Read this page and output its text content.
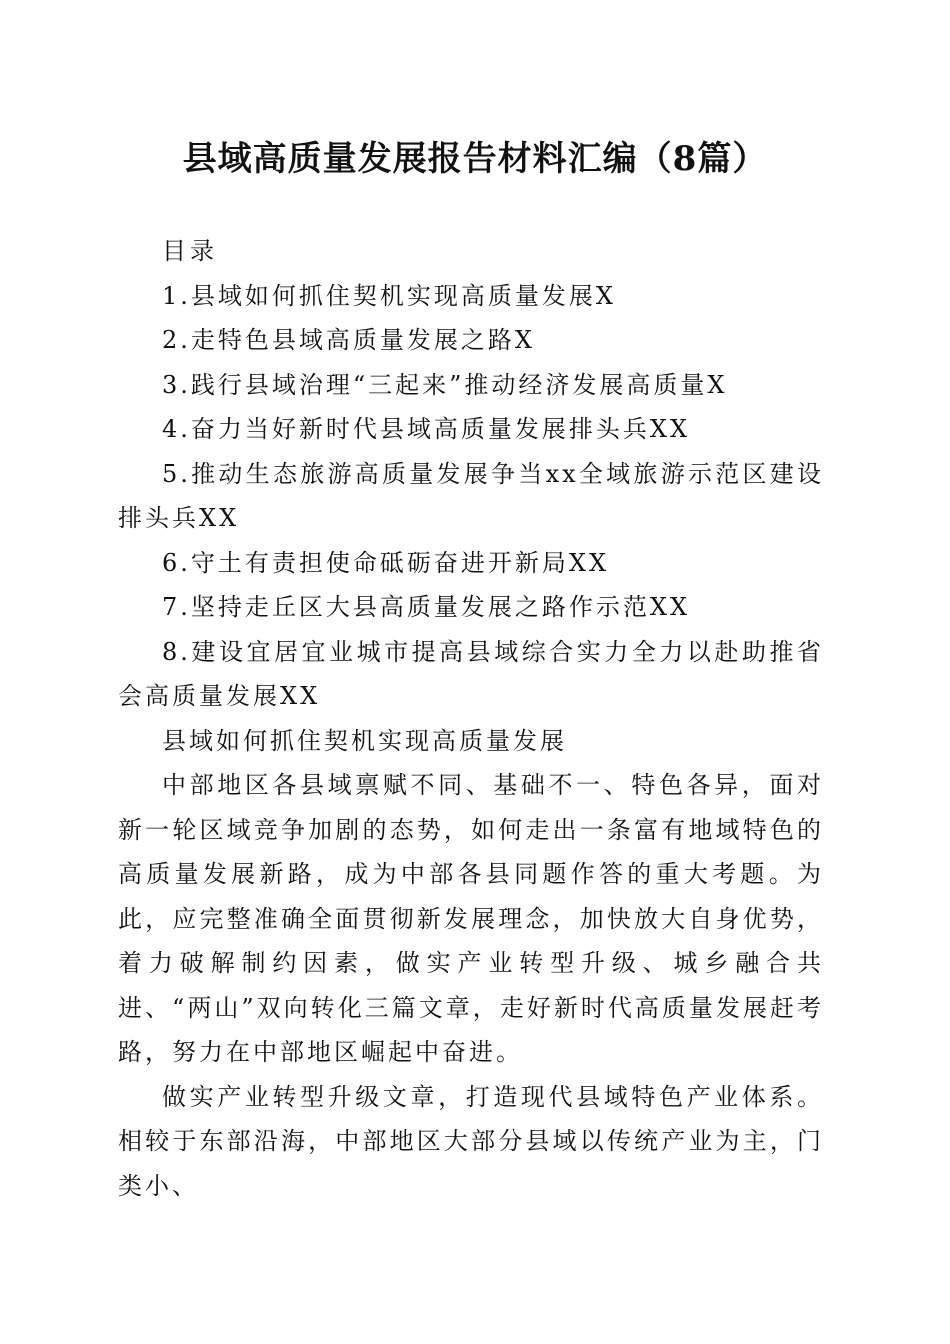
县域高质量发展报告材料汇编（8篇）

目录

1.县域如何抓住契机实现高质量发展X

2.走特色县域高质量发展之路X

3.践行县域治理“三起来”推动经济发展高质量X

4.奋力当好新时代县域高质量发展排头兵XX

5.推动生态旅游高质量发展争当xx全域旅游示范区建设排头兵XX

6.守土有责担使命砥砺奋进开新局XX

7.坚持走丘区大县高质量发展之路作示范XX

8.建设宜居宜业城市提高县域综合实力全力以赴助推省会高质量发展XX

县域如何抓住契机实现高质量发展

中部地区各县域禀赋不同、基础不一、特色各异，面对新一轮区域竞争加剧的态势，如何走出一条富有地域特色的高质量发展新路，成为中部各县同题作答的重大考题。为此，应完整准确全面贯彻新发展理念，加快放大自身优势，着力破解制约因素，做实产业转型升级、城乡融合共进、“两山”双向转化三篇文章，走好新时代高质量发展赶考路，努力在中部地区崛起中奋进。

做实产业转型升级文章，打造现代县域特色产业体系。相较于东部沿海，中部地区大部分县域以传统产业为主，门类小、
